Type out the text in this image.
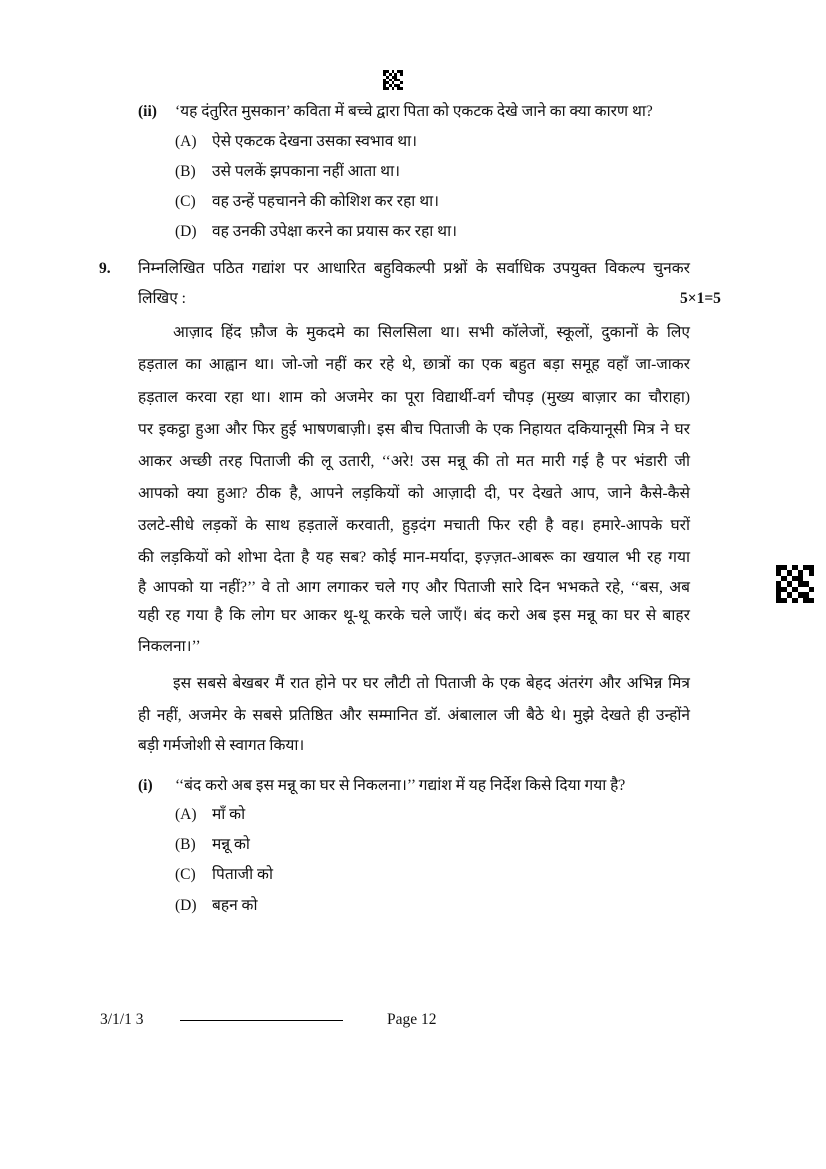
(ii) ‘यह दंतुरित मुसकान’ कविता में बच्चे द्वारा पिता को एकटक देखे जाने का क्या कारण था?
(A) ऐसे एकटक देखना उसका स्वभाव था।
(B) उसे पलकें झपकाना नहीं आता था।
(C) वह उन्हें पहचानने की कोशिश कर रहा था।
(D) वह उनकी उपेक्षा करने का प्रयास कर रहा था।
9. निम्नलिखित पठित गद्यांश पर आधारित बहुविकल्पी प्रश्नों के सर्वाधिक उपयुक्त विकल्प चुनकर
लिखिए :	5×1=5
आज़ाद हिंद फ़ौज के मुकदमे का सिलसिला था। सभी कॉलेजों, स्कूलों, दुकानों के लिए
हड़ताल का आह्वान था। जो-जो नहीं कर रहे थे, छात्रों का एक बहुत बड़ा समूह वहाँ जा-जाकर
हड़ताल करवा रहा था। शाम को अजमेर का पूरा विद्यार्थी-वर्ग चौपड़ (मुख्य बाज़ार का चौराहा)
पर इकट्ठा हुआ और फिर हुई भाषणबाज़ी। इस बीच पिताजी के एक निहायत दकियानूसी मित्र ने घर
आकर अच्छी तरह पिताजी की लू उतारी, ‘‘अरे! उस मन्नू की तो मत मारी गई है पर भंडारी जी
आपको क्या हुआ? ठीक है, आपने लड़कियों को आज़ादी दी, पर देखते आप, जाने कैसे-कैसे
उलटे-सीधे लड़कों के साथ हड़तालें करवाती, हुड़दंग मचाती फिर रही है वह। हमारे-आपके घरों
की लड़कियों को शोभा देता है यह सब? कोई मान-मर्यादा, इज़्ज़त-आबरू का खयाल भी रह गया
है आपको या नहीं?’’ वे तो आग लगाकर चले गए और पिताजी सारे दिन भभकते रहे, ‘‘बस, अब
यही रह गया है कि लोग घर आकर थू-थू करके चले जाएँ। बंद करो अब इस मन्नू का घर से बाहर
निकलना।’’
इस सबसे बेखबर मैं रात होने पर घर लौटी तो पिताजी के एक बेहद अंतरंग और अभिन्न मित्र
ही नहीं, अजमेर के सबसे प्रतिष्ठित और सम्मानित डॉ. अंबालाल जी बैठे थे। मुझे देखते ही उन्होंने
बड़ी गर्मजोशी से स्वागत किया।
(i) ‘‘बंद करो अब इस मन्नू का घर से निकलना।’’ गद्यांश में यह निर्देश किसे दिया गया है?
(A) माँ को
(B) मन्नू को
(C) पिताजी को
(D) बहन को
3/1/1 3	Page 12
